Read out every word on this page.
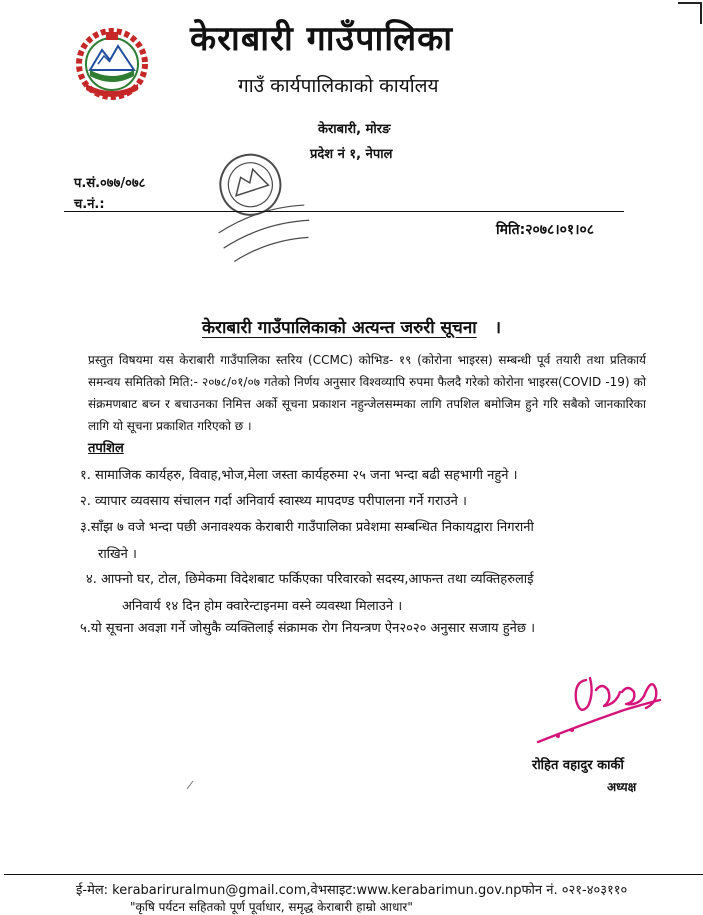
केराबारी गाउँपालिका
गाउँ कार्यपालिकाको कार्यालय
केराबारी, मोरङ
प्रदेश नं १, नेपाल
प.सं.०७७/०७८
च.नं.:
मिति:२०७८।०१।०८
केराबारी गाउँपालिकाको अत्यन्त जरुरी सूचना ।
प्रस्तुत विषयमा यस केराबारी गाउँपालिका स्तरिय (CCMC) कोभिड- १९ (कोरोना भाइरस) सम्बन्धी पूर्व तयारी तथा प्रतिकार्य समन्वय समितिको मिति:- २०७८/०१/०७ गतेको निर्णय अनुसार विश्वव्यापि रुपमा फैलदै गरेको कोरोना भाइरस(COVID -19) को संक्रमणबाट बच्न र बचाउनका निमित्त अर्को सूचना प्रकाशन नहुन्जेलसम्मका लागि तपशिल बमोजिम हुने गरि सबैको जानकारिका लागि यो सूचना प्रकाशित गरिएको छ ।
तपशिल
१. सामाजिक कार्यहरु, विवाह,भोज,मेला जस्ता कार्यहरुमा २५ जना भन्दा बढी सहभागी नहुने ।
२. व्यापार व्यवसाय संचालन गर्दा अनिवार्य स्वास्थ्य मापदण्ड परीपालना गर्ने गराउने ।
३.साँझ ७ वजे भन्दा पछी अनावश्यक केराबारी गाउँपालिका प्रवेशमा सम्बन्धित निकायद्वारा निगरानी
राखिने ।
४. आफ्नो घर, टोल, छिमेकमा विदेशबाट फर्किएका परिवारको सदस्य,आफन्त तथा व्यक्तिहरुलाई
अनिवार्य १४ दिन होम क्वारेन्टाइनमा वस्ने व्यवस्था मिलाउने ।
५.यो सूचना अवज्ञा गर्ने जोसुकै व्यक्तिलाई संक्रामक रोग नियन्त्रण ऐन२०२० अनुसार सजाय हुनेछ ।
रोहित वहादुर कार्की
अध्यक्ष
ई-मेल: kerabariruralmun@gmail.com,वेभसाइट:www.kerabarimun.gov.npफोन नं. ०२१-४०३११०
"कृषि पर्यटन सहितको पूर्ण पूर्वाधार, समृद्ध केराबारी हाम्रो आधार"
